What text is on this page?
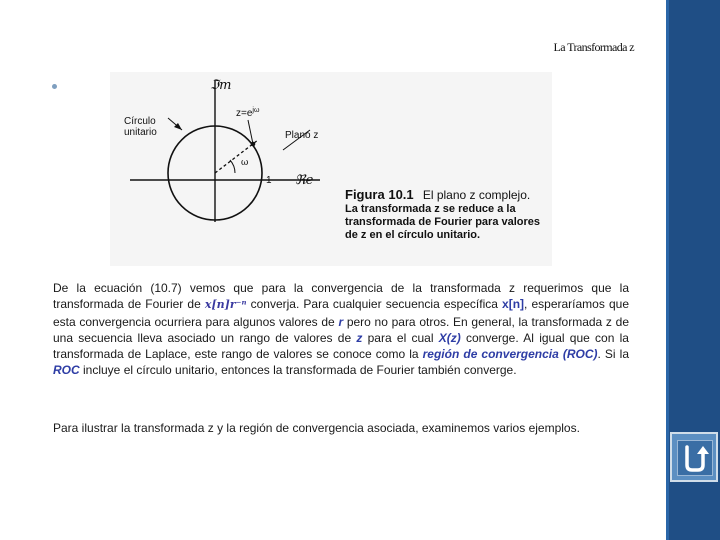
La Transformada z
ℑm
ℜe
$z=e^{j\omega}$
Círculo
unitario	Plano z
ω
1
Figura 10.1 El plano z complejo.
La transformada z se reduce a la transformada de Fourier para valores de z en el círculo unitario.
De la ecuación (10.7) vemos que para la convergencia de la transformada z requerimos que la transformada de Fourier de x[n]r⁻ⁿ converja. Para cualquier secuencia específica x[n], esperaríamos que esta convergencia ocurriera para algunos valores de r pero no para otros. En general, la transformada z de una secuencia lleva asociado un rango de valores de z para el cual X(z) converge. Al igual que con la transformada de Laplace, este rango de valores se conoce como la región de convergencia (ROC). Si la ROC incluye el círculo unitario, entonces la transformada de Fourier también converge.
Para ilustrar la transformada z y la región de convergencia asociada, examinemos varios ejemplos.
